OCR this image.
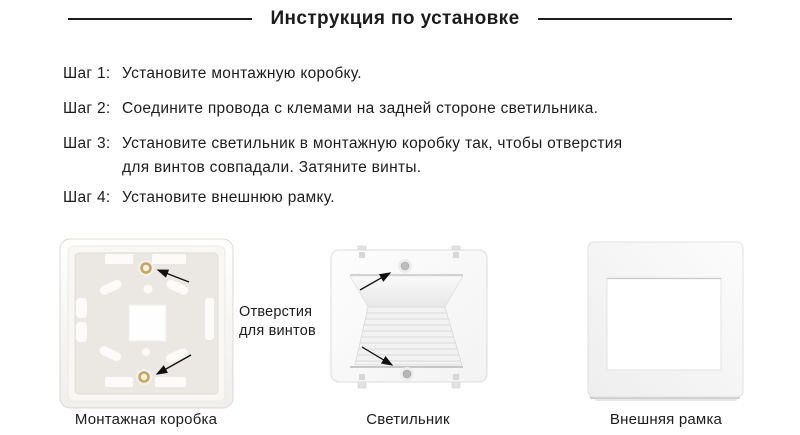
Инструкция по установке
Шаг 1: Установите монтажную коробку.
Шаг 2: Соедините провода с клемами на задней стороне светильника.
Шаг 3: Установите светильник в монтажную коробку так, чтобы отверстия
для винтов совпадали. Затяните винты.
Шаг 4: Установите внешнюю рамку.
Отверстия
для винтов
Монтажная коробка	Светильник	Внешняя рамка
